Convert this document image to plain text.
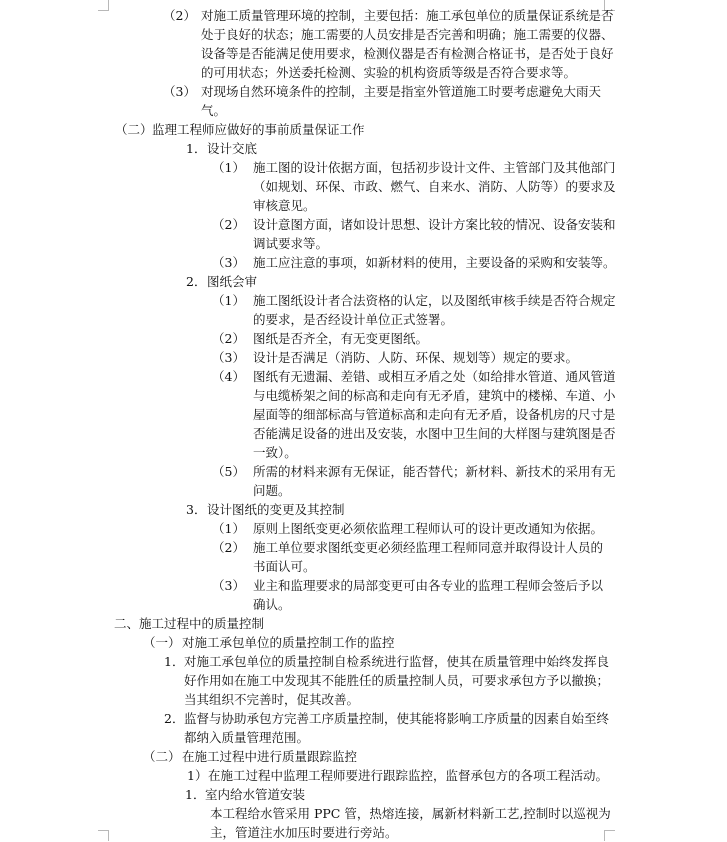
（2） 对施工质量管理环境的控制，主要包括：施工承包单位的质量保证系统是否
处于良好的状态；施工需要的人员安排是否完善和明确；施工需要的仪器、
设备等是否能满足使用要求，检测仪器是否有检测合格证书，是否处于良好
的可用状态；外送委托检测、实验的机构资质等级是否符合要求等。
（3） 对现场自然环境条件的控制，主要是指室外管道施工时要考虑避免大雨天
气。
（二） 监理工程师应做好的事前质量保证工作
1． 设计交底
（1） 施工图的设计依据方面，包括初步设计文件、主管部门及其他部门
（如规划、环保、市政、燃气、自来水、消防、人防等）的要求及
审核意见。
（2） 设计意图方面，诸如设计思想、设计方案比较的情况、设备安装和
调试要求等。
（3） 施工应注意的事项，如新材料的使用，主要设备的采购和安装等。
2． 图纸会审
（1） 施工图纸设计者合法资格的认定，以及图纸审核手续是否符合规定
的要求，是否经设计单位正式签署。
（2） 图纸是否齐全，有无变更图纸。
（3） 设计是否满足（消防、人防、环保、规划等）规定的要求。
（4） 图纸有无遗漏、差错、或相互矛盾之处（如给排水管道、通风管道
与电缆桥架之间的标高和走向有无矛盾，建筑中的楼梯、车道、小
屋面等的细部标高与管道标高和走向有无矛盾，设备机房的尺寸是
否能满足设备的进出及安装，水图中卫生间的大样图与建筑图是否
一致）。
（5） 所需的材料来源有无保证，能否替代；新材料、新技术的采用有无
问题。
3． 设计图纸的变更及其控制
（1） 原则上图纸变更必须依监理工程师认可的设计更改通知为依据。
（2） 施工单位要求图纸变更必须经监理工程师同意并取得设计人员的
书面认可。
（3） 业主和监理要求的局部变更可由各专业的监理工程师会签后予以
确认。
二、 施工过程中的质量控制
（一） 对施工承包单位的质量控制工作的监控
1． 对施工承包单位的质量控制自检系统进行监督，使其在质量管理中始终发挥良
好作用如在施工中发现其不能胜任的质量控制人员，可要求承包方予以撤换；
当其组织不完善时，促其改善。
2． 监督与协助承包方完善工序质量控制，使其能将影响工序质量的因素自始至终
都纳入质量管理范围。
（二） 在施工过程中进行质量跟踪监控
1） 在施工过程中监理工程师要进行跟踪监控，监督承包方的各项工程活动。
1． 室内给水管道安装
本工程给水管采用 PPC 管，热熔连接，属新材料新工艺,控制时以巡视为
主，管道注水加压时要进行旁站。
